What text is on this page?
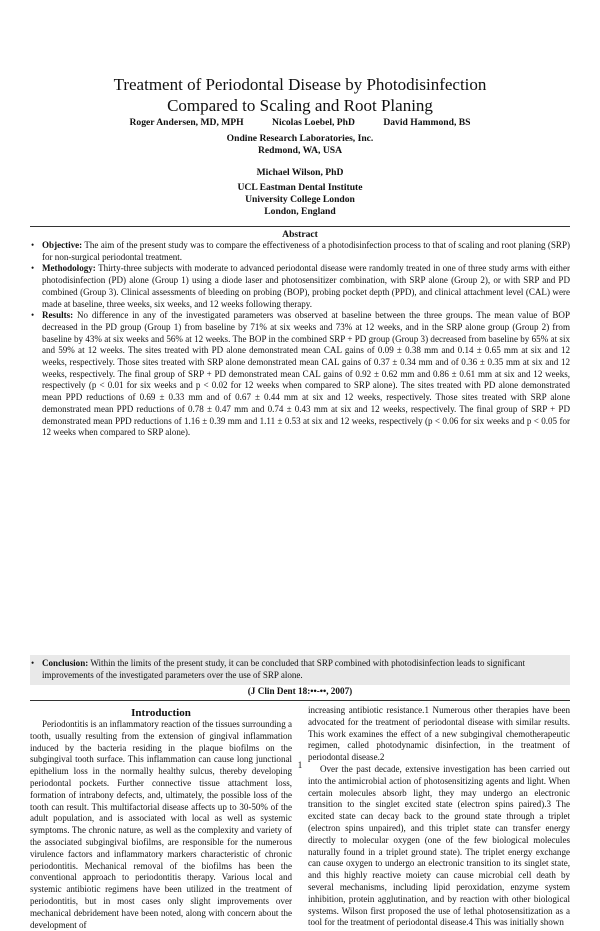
Treatment of Periodontal Disease by Photodisinfection
Compared to Scaling and Root Planing
Roger Andersen, MD, MPH	Nicolas Loebel, PhD	David Hammond, BS
Ondine Research Laboratories, Inc.
Redmond, WA, USA
Michael Wilson, PhD
UCL Eastman Dental Institute
University College London
London, England
Abstract

• Objective: The aim of the present study was to compare the effectiveness of a photodisinfection process to that of scaling and root planing (SRP) for non-surgical periodontal treatment.

• Methodology: Thirty-three subjects with moderate to advanced periodontal disease were randomly treated in one of three study arms with either photodisinfection (PD) alone (Group 1) using a diode laser and photosensitizer combination, with SRP alone (Group 2), or with SRP and PD combined (Group 3). Clinical assessments of bleeding on probing (BOP), probing pocket depth (PPD), and clinical attachment level (CAL) were made at baseline, three weeks, six weeks, and 12 weeks following therapy.

• Results: No difference in any of the investigated parameters was observed at baseline between the three groups. The mean value of BOP decreased in the PD group (Group 1) from baseline by 71% at six weeks and 73% at 12 weeks, and in the SRP alone group (Group 2) from baseline by 43% at six weeks and 56% at 12 weeks. The BOP in the combined SRP + PD group (Group 3) decreased from baseline by 65% at six and 59% at 12 weeks. The sites treated with PD alone demonstrated mean CAL gains of 0.09 ± 0.38 mm and 0.14 ± 0.65 mm at six and 12 weeks, respectively. Those sites treated with SRP alone demonstrated mean CAL gains of 0.37 ± 0.34 mm and of 0.36 ± 0.35 mm at six and 12 weeks, respectively. The final group of SRP + PD demonstrated mean CAL gains of 0.92 ± 0.62 mm and 0.86 ± 0.61 mm at six and 12 weeks, respectively (p < 0.01 for six weeks and p < 0.02 for 12 weeks when compared to SRP alone). The sites treated with PD alone demonstrated mean PPD reductions of 0.69 ± 0.33 mm and of 0.67 ± 0.44 mm at six and 12 weeks, respectively. Those sites treated with SRP alone demonstrated mean PPD reductions of 0.78 ± 0.47 mm and 0.74 ± 0.43 mm at six and 12 weeks, respectively. The final group of SRP + PD demonstrated mean PPD reductions of 1.16 ± 0.39 mm and 1.11 ± 0.53 at six and 12 weeks, respectively (p < 0.06 for six weeks and p < 0.05 for 12 weeks when compared to SRP alone).

• Conclusion: Within the limits of the present study, it can be concluded that SRP combined with photodisinfection leads to significant improvements of the investigated parameters over the use of SRP alone.

(J Clin Dent 18:••-••, 2007)
Introduction
Periodontitis is an inflammatory reaction of the tissues surrounding a tooth, usually resulting from the extension of gingival inflammation induced by the bacteria residing in the plaque biofilms on the subgingival tooth surface. This inflammation can cause long junctional epithelium loss in the normally healthy sulcus, thereby developing periodontal pockets. Further connective tissue attachment loss, formation of intrabony defects, and, ultimately, the possible loss of the tooth can result. This multifactorial disease affects up to 30-50% of the adult population, and is associated with local as well as systemic symptoms. The chronic nature, as well as the complexity and variety of the associated subgingival biofilms, are responsible for the numerous virulence factors and inflammatory markers characteristic of chronic periodontitis. Mechanical removal of the biofilms has been the conventional approach to periodontitis therapy. Various local and systemic antibiotic regimens have been utilized in the treatment of periodontitis, but in most cases only slight improvements over mechanical debridement have been noted, along with concern about the development of

increasing antibiotic resistance.1 Numerous other therapies have been advocated for the treatment of periodontal disease with similar results. This work examines the effect of a new subgingival chemotherapeutic regimen, called photodynamic disinfection, in the treatment of periodontal disease.2

Over the past decade, extensive investigation has been carried out into the antimicrobial action of photosensitizing agents and light. When certain molecules absorb light, they may undergo an electronic transition to the singlet excited state (electron spins paired).3 The excited state can decay back to the ground state through a triplet (electron spins unpaired), and this triplet state can transfer energy directly to molecular oxygen (one of the few biological molecules naturally found in a triplet ground state). The triplet energy exchange can cause oxygen to undergo an electronic transition to its singlet state, and this highly reactive moiety can cause microbial cell death by several mechanisms, including lipid peroxidation, enzyme system inhibition, protein agglutination, and by reaction with other biological systems. Wilson first proposed the use of lethal photosensitization as a tool for the treatment of periodontal disease.4 This was initially shown

1
